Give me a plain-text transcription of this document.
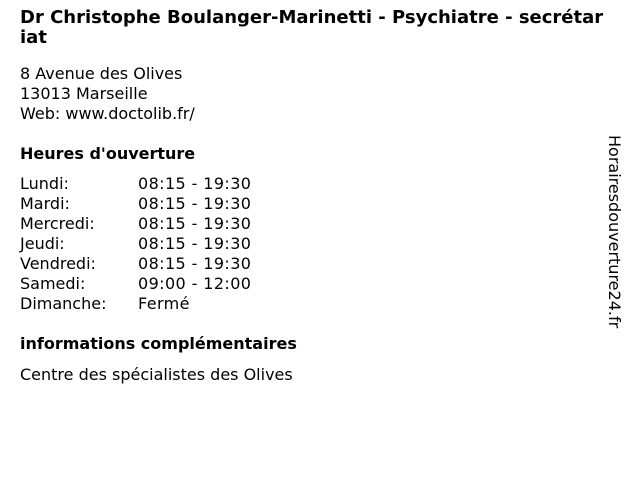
Dr Christophe Boulanger-Marinetti - Psychiatre - secrétariat
8 Avenue des Olives
13013 Marseille
Web: www.doctolib.fr/
Heures d'ouverture
Lundi:	08:15 - 19:30
Mardi:	08:15 - 19:30
Mercredi:	08:15 - 19:30
Jeudi:	08:15 - 19:30
Vendredi:	08:15 - 19:30
Samedi:	09:00 - 12:00
Dimanche:	Fermé
informations complémentaires
Centre des spécialistes des Olives
Horairesdouverture24.fr
